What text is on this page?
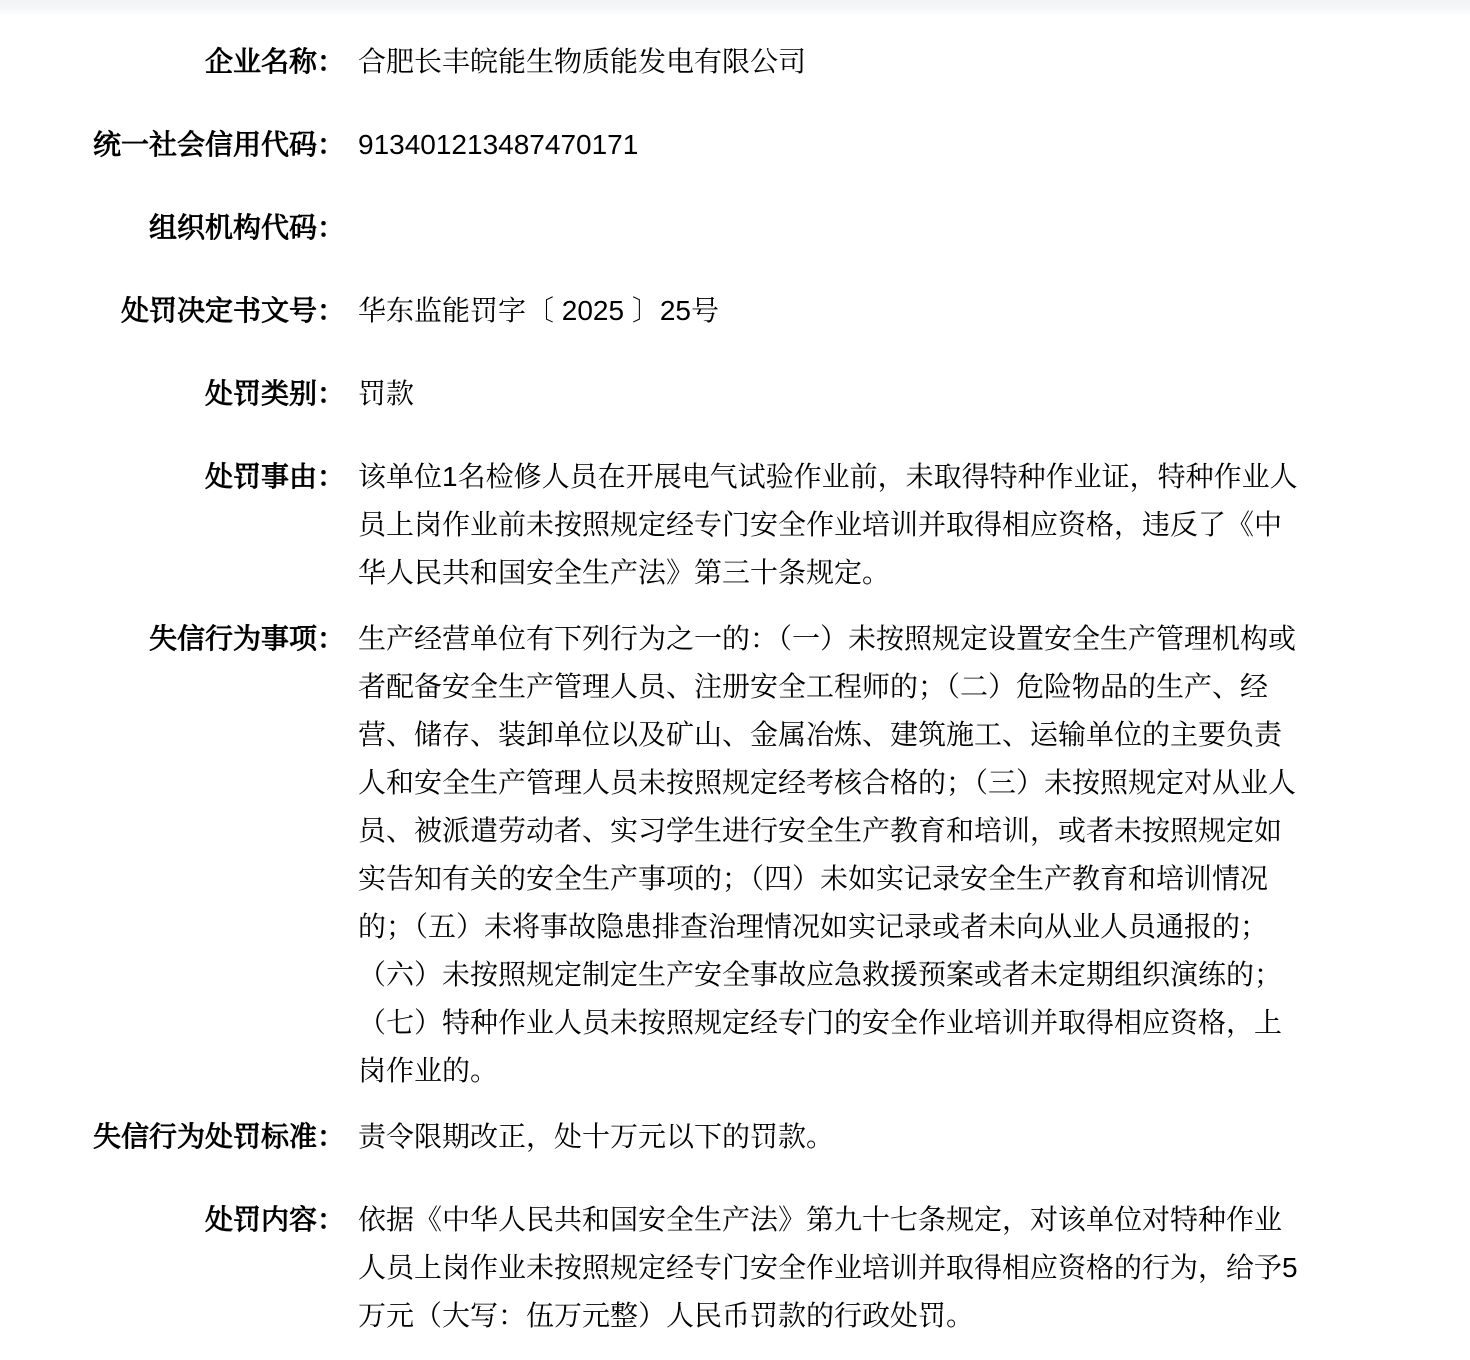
企业名称： 合肥长丰皖能生物质能发电有限公司
统一社会信用代码： 913401213487470171
组织机构代码：
处罚决定书文号： 华东监能罚字〔 2025 〕25号
处罚类别： 罚款
处罚事由： 该单位1名检修人员在开展电气试验作业前，未取得特种作业证，特种作业人员上岗作业前未按照规定经专门安全作业培训并取得相应资格，违反了《中华人民共和国安全生产法》第三十条规定。
失信行为事项： 生产经营单位有下列行为之一的：（一）未按照规定设置安全生产管理机构或者配备安全生产管理人员、注册安全工程师的；（二）危险物品的生产、经营、储存、装卸单位以及矿山、金属冶炼、建筑施工、运输单位的主要负责人和安全生产管理人员未按照规定经考核合格的；（三）未按照规定对从业人员、被派遣劳动者、实习学生进行安全生产教育和培训，或者未按照规定如实告知有关的安全生产事项的；（四）未如实记录安全生产教育和培训情况的；（五）未将事故隐患排查治理情况如实记录或者未向从业人员通报的；（六）未按照规定制定生产安全事故应急救援预案或者未定期组织演练的；（七）特种作业人员未按照规定经专门的安全作业培训并取得相应资格，上岗作业的。
失信行为处罚标准： 责令限期改正，处十万元以下的罚款。
处罚内容： 依据《中华人民共和国安全生产法》第九十七条规定，对该单位对特种作业人员上岗作业未按照规定经专门安全作业培训并取得相应资格的行为，给予5万元（大写：伍万元整）人民币罚款的行政处罚。
